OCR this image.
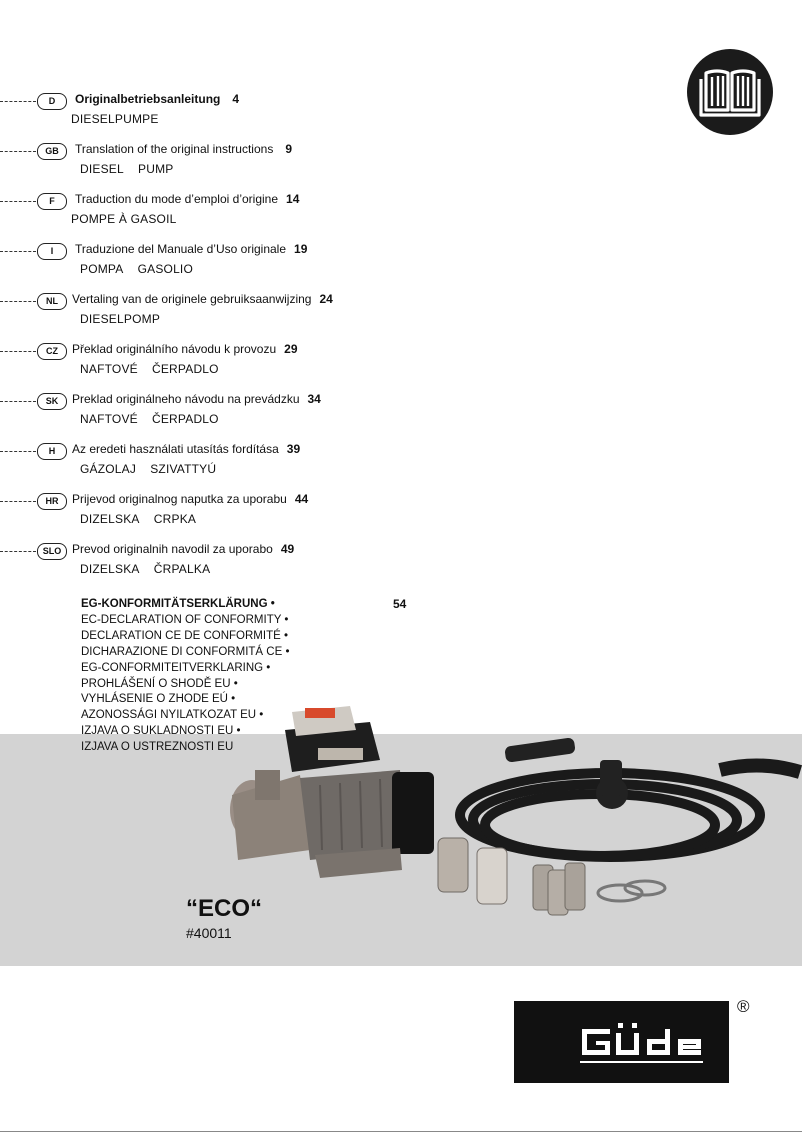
D	Originalbetriebsanleitung 4
DIESELPUMPE
GB	Translation of the original instructions 9
DIESEL    PUMP
F	Traduction du mode d’emploi d’origine 14
POMPE À GASOIL
I	Traduzione del Manuale d’Uso originale 19
POMPA    GASOLIO
NL	Vertaling van de originele gebruiksaanwijzing 24
DIESELPOMP
CZ	Překlad originálního návodu k provozu 29
NAFTOVÉ    ČERPADLO
SK	Preklad originálneho návodu na prevádzku 34
NAFTOVÉ    ČERPADLO
H	Az eredeti használati utasítás fordítása 39
GÁZOLAJ    SZIVATTYÚ
HR	Prijevod originalnog naputka za uporabu 44
DIZELSKA    CRPKA
SLO Prevod originalnih navodil za uporabo 49
DIZELSKA    ČRPALKA
EG-KONFORMITÄTSERKLÄRUNG •
EC-DECLARATION OF CONFORMITY •
DECLARATION CE DE CONFORMITÉ •
DICHARAZIONE DI CONFORMITÁ CE •
EG-CONFORMITEITVERKLARING •
PROHLÁŠENÍ O SHODĚ EU •
VYHLÁSENIE O ZHODE EÚ •
AZONOSSÁGI NYILATKOZAT EU •
IZJAVA O SUKLADNOSTI EU •
IZJAVA O USTREZNOSTI EU
54
“ECO“
#40011
®
